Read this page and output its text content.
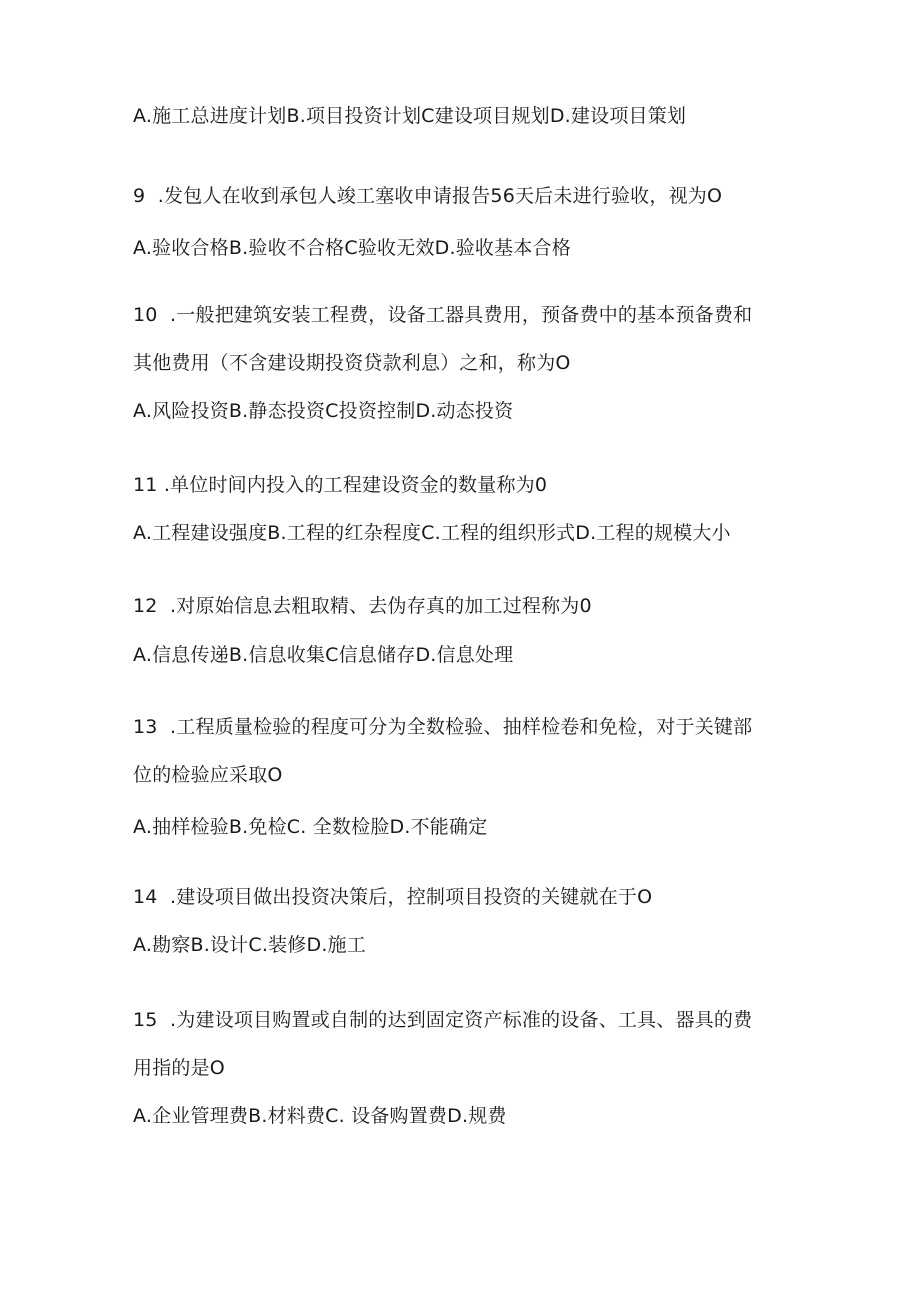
A.施工总进度计划B.项目投资计划C建设项目规划D.建设项目策划
9  .发包人在收到承包人竣工塞收申请报告56天后未进行验收，视为O
A.验收合格B.验收不合格C验收无效D.验收基本合格
10  .一般把建筑安装工程费，设备工器具费用，预备费中的基本预备费和
其他费用（不含建设期投资贷款利息）之和，称为O
A.风险投资B.静态投资C投资控制D.动态投资
11 .单位时间内投入的工程建设资金的数量称为0
A.工程建设强度B.工程的红杂程度C.工程的组织形式D.工程的规模大小
12  .对原始信息去粗取精、去伪存真的加工过程称为0
A.信息传递B.信息收集C信息储存D.信息处理
13  .工程质量检验的程度可分为全数检验、抽样检卷和免检，对于关键部
位的检验应采取O
A.抽样检验B.免检C. 全数检脸D.不能确定
14  .建设项目做出投资决策后，控制项目投资的关键就在于O
A.勘察B.设计C.装修D.施工
15  .为建设项目购置或自制的达到固定资产标准的设备、工具、器具的费
用指的是O
A.企业管理费B.材料费C. 设备购置费D.规费
